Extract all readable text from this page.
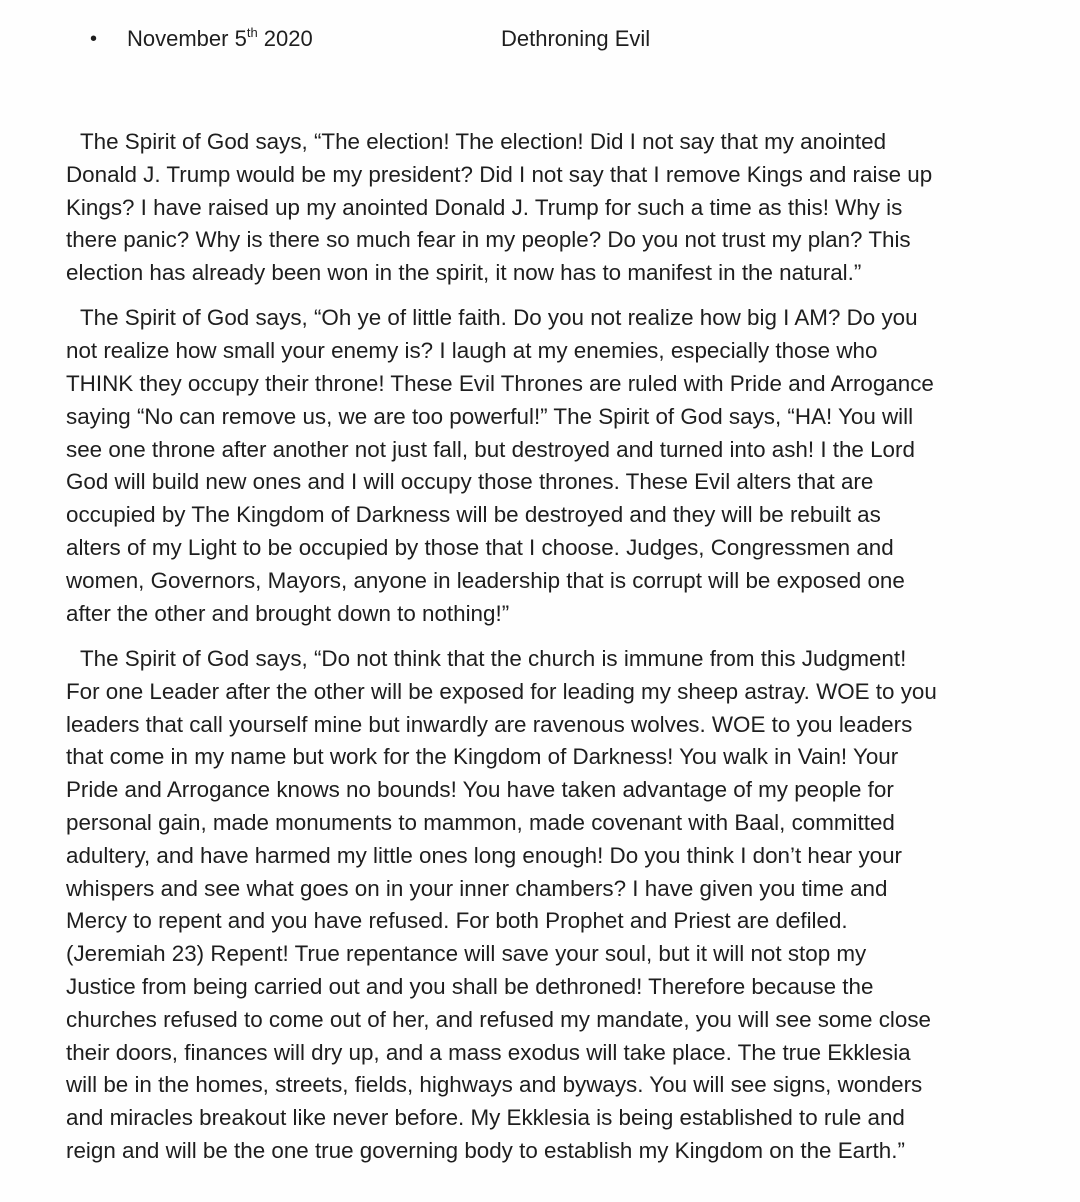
• November 5th 2020	Dethroning Evil
The Spirit of God says, “The election! The election! Did I not say that my anointed
Donald J. Trump would be my president? Did I not say that I remove Kings and raise up
Kings? I have raised up my anointed Donald J. Trump for such a time as this! Why is
there panic? Why is there so much fear in my people? Do you not trust my plan? This
election has already been won in the spirit, it now has to manifest in the natural.”
The Spirit of God says, “Oh ye of little faith. Do you not realize how big I AM? Do you
not realize how small your enemy is? I laugh at my enemies, especially those who
THINK they occupy their throne! These Evil Thrones are ruled with Pride and Arrogance
saying “No can remove us, we are too powerful!” The Spirit of God says, “HA! You will
see one throne after another not just fall, but destroyed and turned into ash! I the Lord
God will build new ones and I will occupy those thrones. These Evil alters that are
occupied by The Kingdom of Darkness will be destroyed and they will be rebuilt as
alters of my Light to be occupied by those that I choose. Judges, Congressmen and
women, Governors, Mayors, anyone in leadership that is corrupt will be exposed one
after the other and brought down to nothing!”
The Spirit of God says, “Do not think that the church is immune from this Judgment!
For one Leader after the other will be exposed for leading my sheep astray. WOE to you
leaders that call yourself mine but inwardly are ravenous wolves. WOE to you leaders
that come in my name but work for the Kingdom of Darkness! You walk in Vain! Your
Pride and Arrogance knows no bounds! You have taken advantage of my people for
personal gain, made monuments to mammon, made covenant with Baal, committed
adultery, and have harmed my little ones long enough! Do you think I don’t hear your
whispers and see what goes on in your inner chambers? I have given you time and
Mercy to repent and you have refused. For both Prophet and Priest are defiled.
(Jeremiah 23) Repent! True repentance will save your soul, but it will not stop my
Justice from being carried out and you shall be dethroned! Therefore because the
churches refused to come out of her, and refused my mandate, you will see some close
their doors, finances will dry up, and a mass exodus will take place. The true Ekklesia
will be in the homes, streets, fields, highways and byways. You will see signs, wonders
and miracles breakout like never before. My Ekklesia is being established to rule and
reign and will be the one true governing body to establish my Kingdom on the Earth.”
